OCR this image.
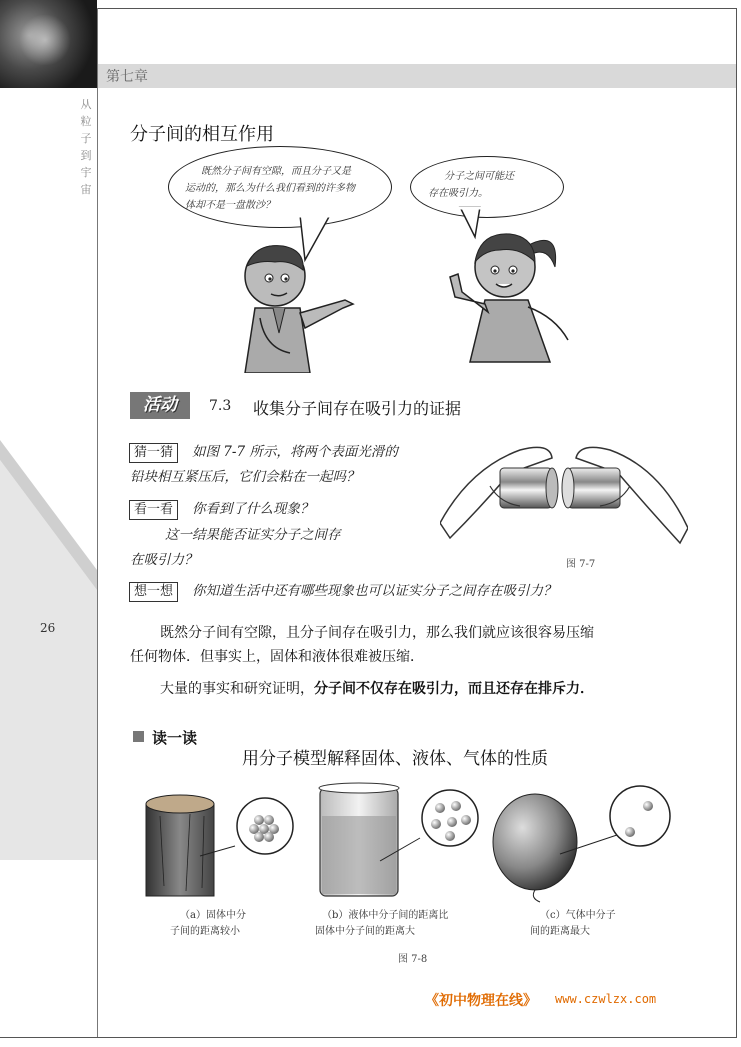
第七章
从
粒
子
到
宇
宙
26
分子间的相互作用
既然分子间有空隙，而且分子又是
运动的，那么为什么我们看到的许多物
体却不是一盘散沙？
分子之间可能还
存在吸引力。
活动	7.3 收集分子间存在吸引力的证据
猜一猜	如图 7-7 所示，将两个表面光滑的
铅块相互紧压后，它们会粘在一起吗？
看一看	你看到了什么现象？
这一结果能否证实分子之间存
在吸引力？
想一想	你知道生活中还有哪些现象也可以证实分子之间存在吸引力？
图 7-7
既然分子间有空隙，且分子间存在吸引力，那么我们就应该很容易压缩
任何物体．但事实上，固体和液体很难被压缩．
大量的事实和研究证明，分子间不仅存在吸引力，而且还存在排斥力．
读一读
用分子模型解释固体、液体、气体的性质
（a）固体中分
子间的距离较小
（b）液体中分子间的距离比
固体中分子间的距离大
（c）气体中分子
间的距离最大
图 7-8
《初中物理在线》 www.czwlzx.com
